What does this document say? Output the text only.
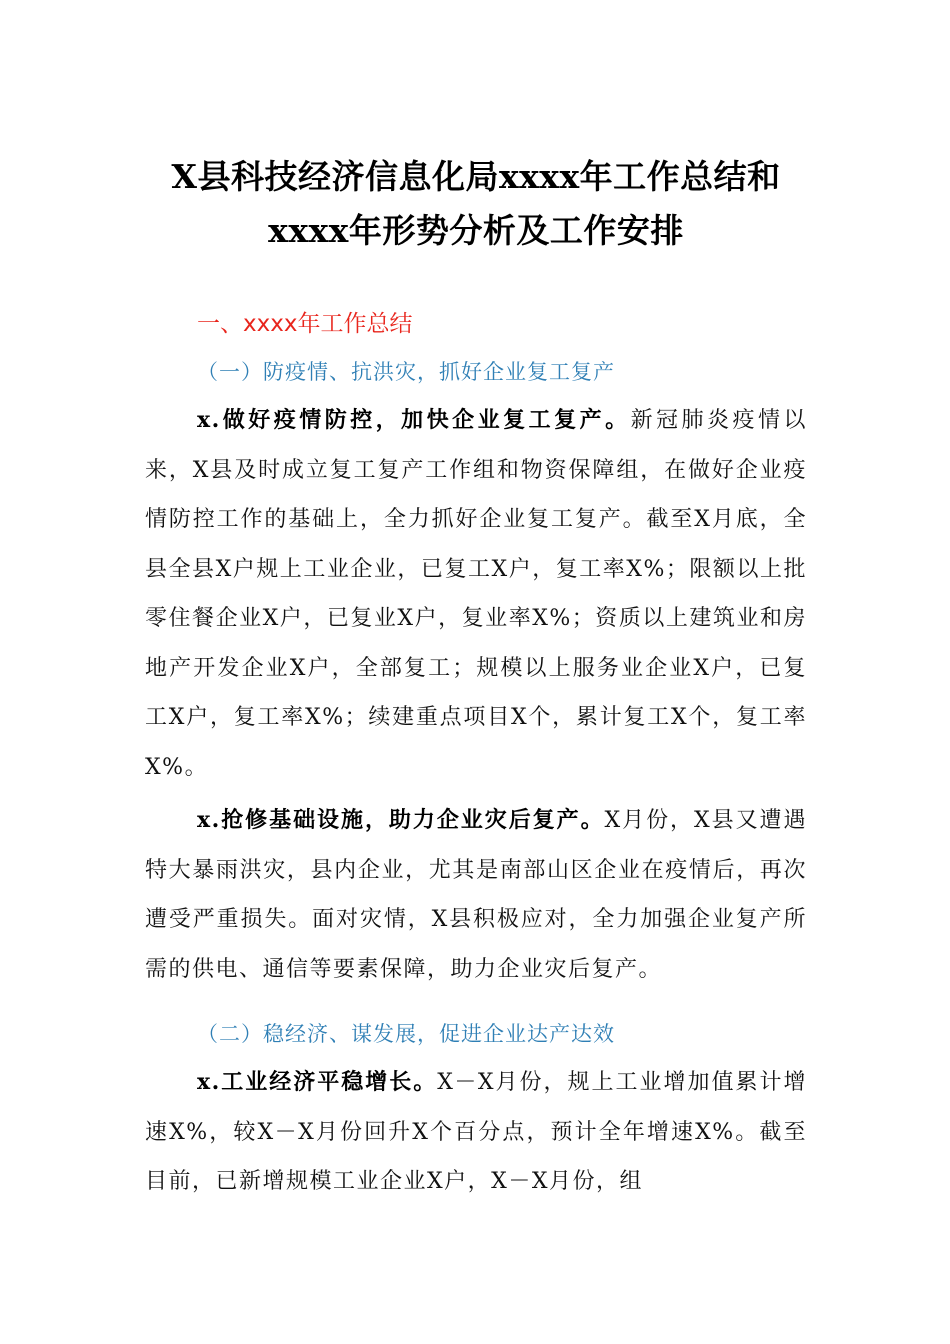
X县科技经济信息化局xxxx年工作总结和
xxxx年形势分析及工作安排
一、xxxx年工作总结
（一）防疫情、抗洪灾，抓好企业复工复产

x.做好疫情防控，加快企业复工复产。新冠肺炎疫情以来，X县及时成立复工复产工作组和物资保障组，在做好企业疫情防控工作的基础上，全力抓好企业复工复产。截至X月底，全县全县X户规上工业企业，已复工X户，复工率X%；限额以上批零住餐企业X户，已复业X户，复业率X%；资质以上建筑业和房地产开发企业X户，全部复工；规模以上服务业企业X户，已复工X户，复工率X%；续建重点项目X个，累计复工X个，复工率X%。

x.抢修基础设施，助力企业灾后复产。X月份，X县又遭遇特大暴雨洪灾，县内企业，尤其是南部山区企业在疫情后，再次遭受严重损失。面对灾情，X县积极应对，全力加强企业复产所需的供电、通信等要素保障，助力企业灾后复产。

（二）稳经济、谋发展，促进企业达产达效

x.工业经济平稳增长。X－X月份，规上工业增加值累计增速X%，较X－X月份回升X个百分点，预计全年增速X%。截至目前，已新增规模工业企业X户，X－X月份，组
